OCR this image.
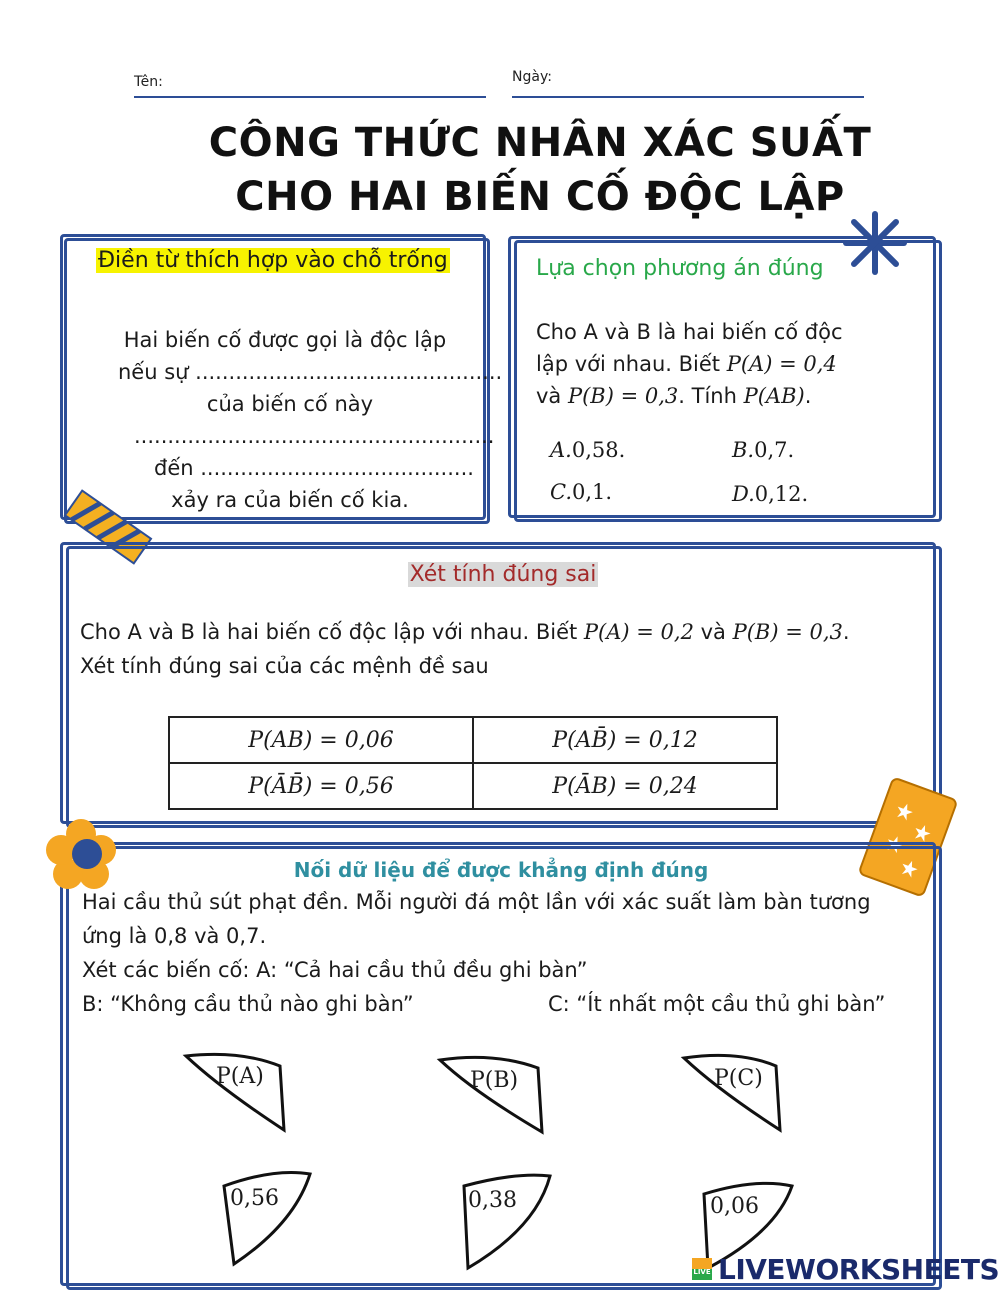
Tên:	Ngày:
CÔNG THỨC NHÂN XÁC SUẤT
CHO HAI BIẾN CỐ ĐỘC LẬP
Điền từ thích hợp vào chỗ trống
Hai biến cố được gọi là độc lập
nếu sự ..............................................
của biến cố này
......................................................
đến .........................................
xảy ra của biến cố kia.
Lựa chọn phương án đúng
Cho A và B là hai biến cố độc
lập với nhau. Biết P(A) = 0,4
và P(B) = 0,3. Tính P(AB).
A.0,58.	B.0,7.
C.0,1.	D.0,12.
Xét tính đúng sai
Cho A và B là hai biến cố độc lập với nhau. Biết P(A) = 0,2 và P(B) = 0,3.
Xét tính đúng sai của các mệnh đề sau
P(AB) = 0,06	P(AB̄) = 0,12
P(ĀB̄) = 0,56	P(ĀB) = 0,24
Nối dữ liệu để được khẳng định đúng
Hai cầu thủ sút phạt đền. Mỗi người đá một lần với xác suất làm bàn tương
ứng là 0,8 và 0,7.
Xét các biến cố: A: “Cả hai cầu thủ đều ghi bàn”
B: “Không cầu thủ nào ghi bàn”	C: “Ít nhất một cầu thủ ghi bàn”
P(A)	P(B)	P(C)
0,56	0,38	0,06
LIVE LIVEWORKSHEETS
